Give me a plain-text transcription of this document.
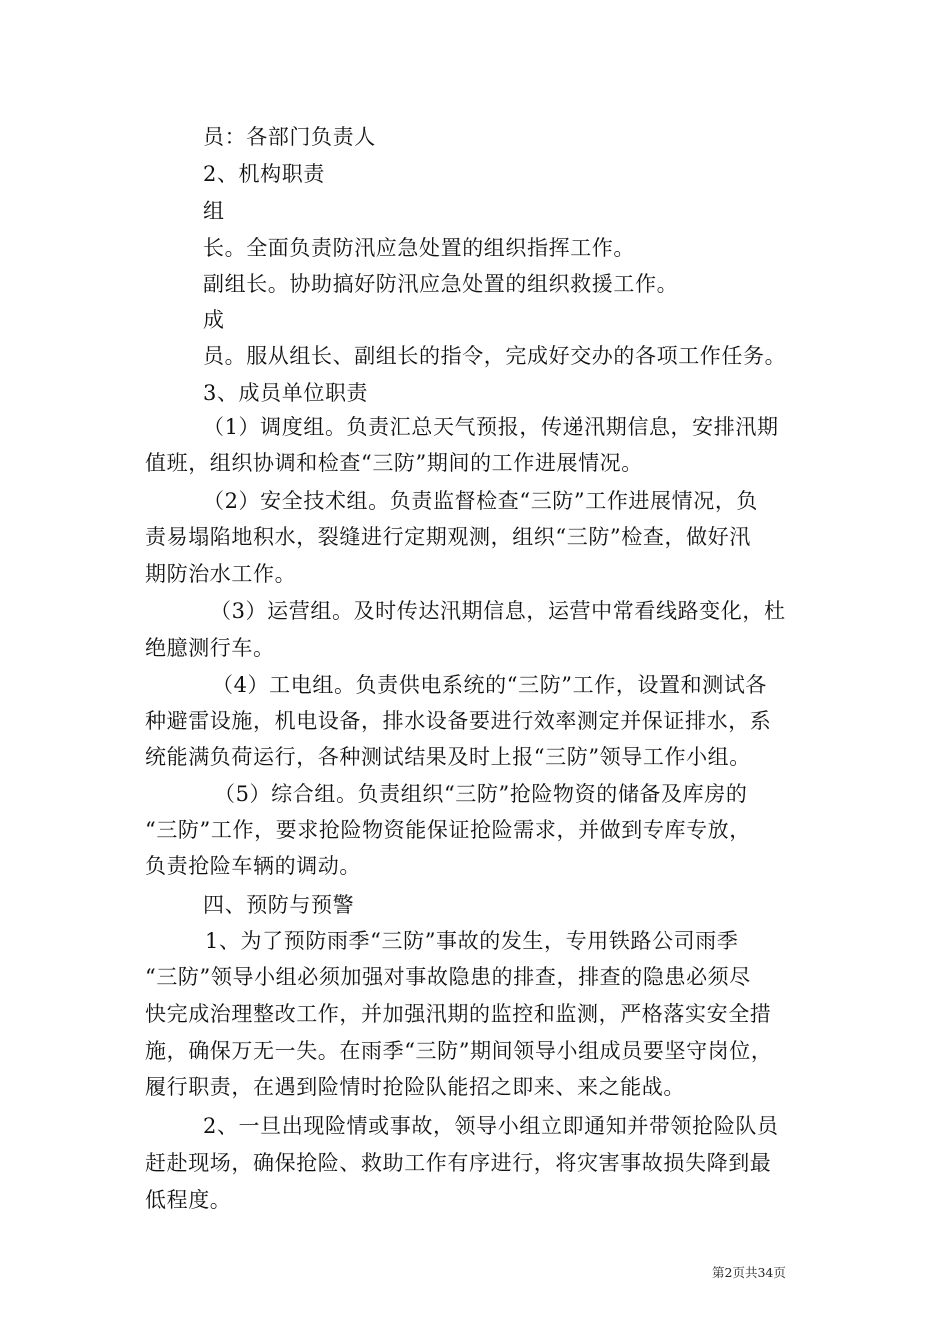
员：各部门负责人
2、机构职责
组
长。全面负责防汛应急处置的组织指挥工作。
副组长。协助搞好防汛应急处置的组织救援工作。
成
员。服从组长、副组长的指令，完成好交办的各项工作任务。
3、成员单位职责
（1）调度组。负责汇总天气预报，传递汛期信息，安排汛期
值班，组织协调和检查“三防”期间的工作进展情况。
（2）安全技术组。负责监督检查“三防”工作进展情况，负
责易塌陷地积水，裂缝进行定期观测，组织“三防”检查，做好汛
期防治水工作。
（3）运营组。及时传达汛期信息，运营中常看线路变化，杜
绝臆测行车。
（4）工电组。负责供电系统的“三防”工作，设置和测试各
种避雷设施，机电设备，排水设备要进行效率测定并保证排水，系
统能满负荷运行，各种测试结果及时上报“三防”领导工作小组。
（5）综合组。负责组织“三防”抢险物资的储备及库房的
“三防”工作，要求抢险物资能保证抢险需求，并做到专库专放，
负责抢险车辆的调动。
四、预防与预警
1、为了预防雨季“三防”事故的发生，专用铁路公司雨季
“三防”领导小组必须加强对事故隐患的排查，排查的隐患必须尽
快完成治理整改工作，并加强汛期的监控和监测，严格落实安全措
施，确保万无一失。在雨季“三防”期间领导小组成员要坚守岗位，
履行职责，在遇到险情时抢险队能招之即来、来之能战。
2、一旦出现险情或事故，领导小组立即通知并带领抢险队员
赶赴现场，确保抢险、救助工作有序进行，将灾害事故损失降到最
低程度。
第2页共34页
